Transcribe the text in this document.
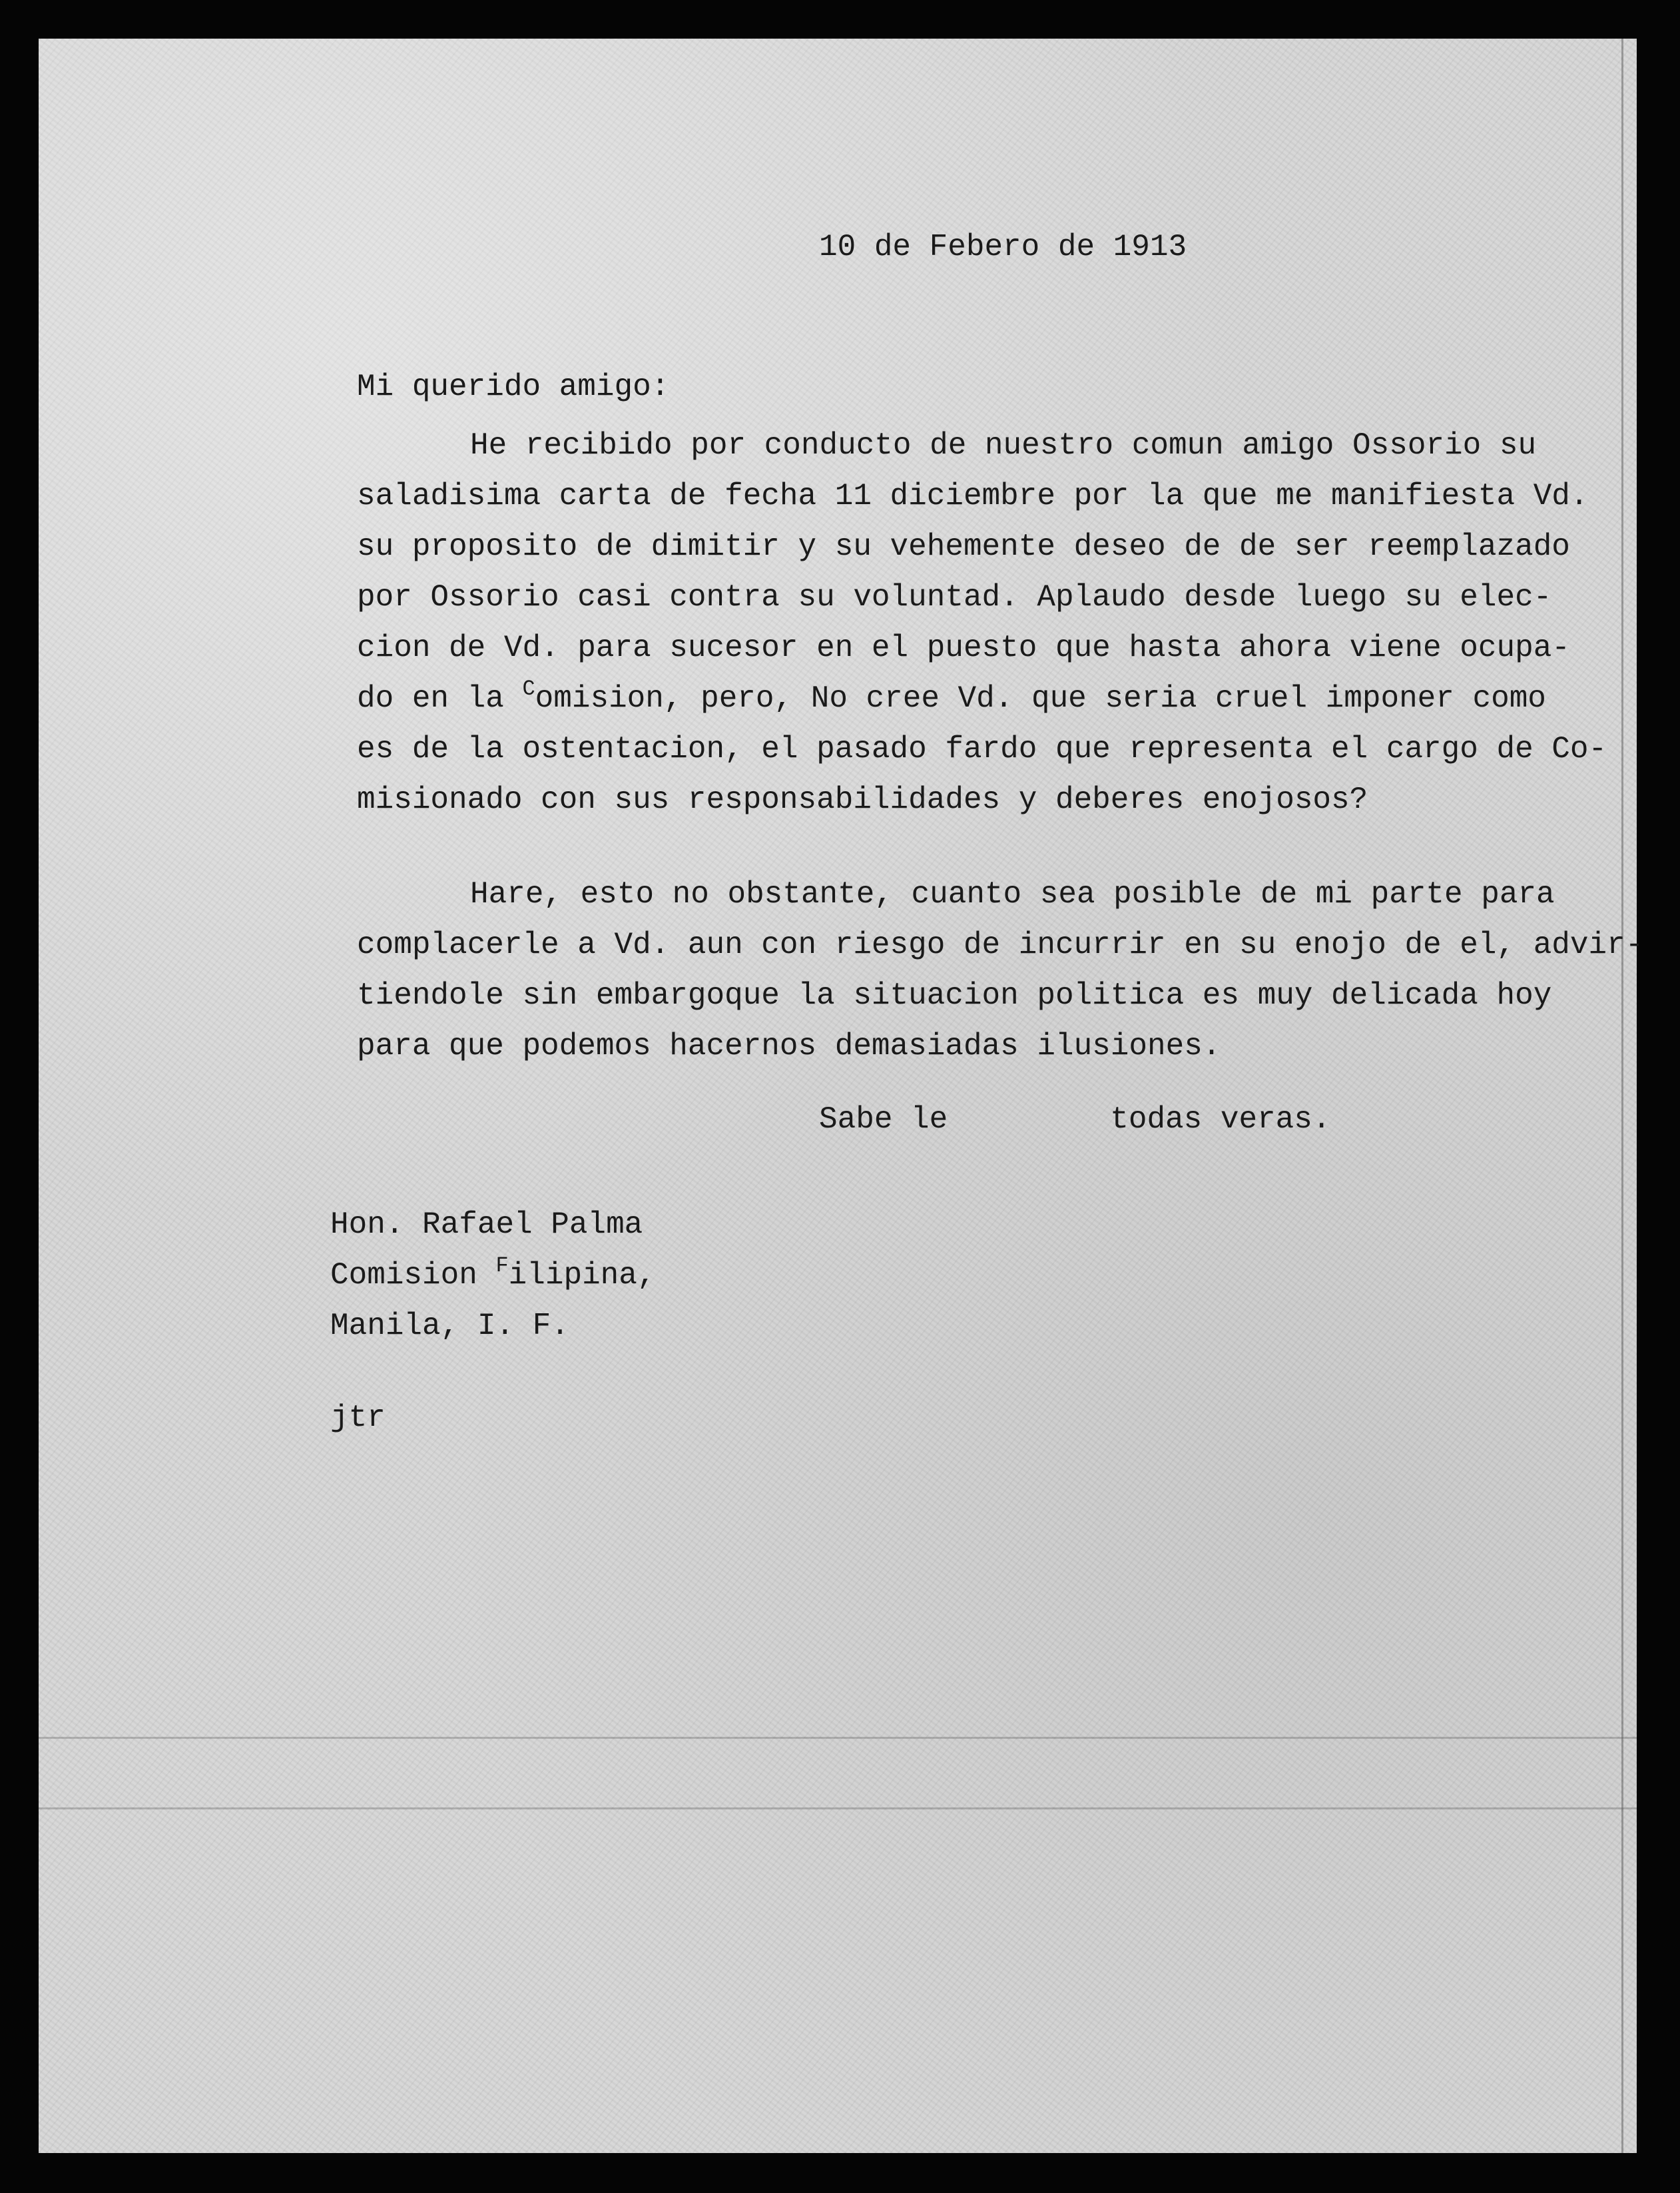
10 de Febero de 1913
Mi querido amigo:
He recibido por conducto de nuestro comun amigo Ossorio su
saladisima carta de fecha 11 diciembre por la que me manifiesta Vd.
su proposito de dimitir y su vehemente deseo de de ser reemplazado
por Ossorio casi contra su voluntad. Aplaudo desde luego su elec-
cion de Vd. para sucesor en el puesto que hasta ahora viene ocupa-
do en la $^C$omision, pero, No cree Vd. que seria cruel imponer como
es de la ostentacion, el pasado fardo que representa el cargo de Co-
misionado con sus responsabilidades y deberes enojosos?
Hare, esto no obstante, cuanto sea posible de mi parte para
complacerle a Vd. aun con riesgo de incurrir en su enojo de el, advir-
tiendole sin embargoque la situacion politica es muy delicada hoy
para que podemos hacernos demasiadas ilusiones.
Sabe le	todas veras.
Hon. Rafael Palma
Comision $^F$ilipina,
Manila, I. F.
jtr
